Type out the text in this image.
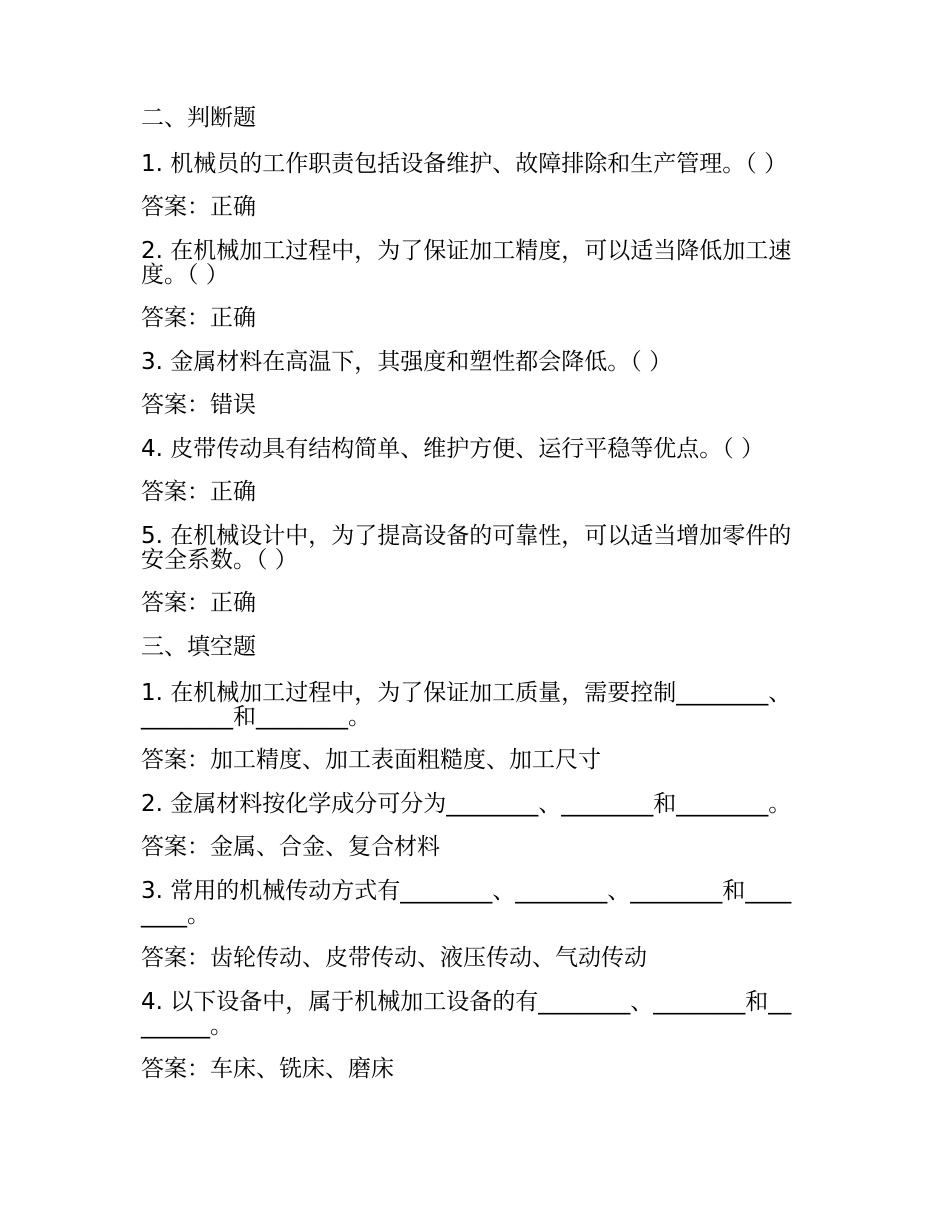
二、判断题

1. 机械员的工作职责包括设备维护、故障排除和生产管理。（ ）

答案：正确

2. 在机械加工过程中，为了保证加工精度，可以适当降低加工速度。（ ）

答案：正确

3. 金属材料在高温下，其强度和塑性都会降低。（ ）

答案：错误

4. 皮带传动具有结构简单、维护方便、运行平稳等优点。（ ）

答案：正确

5. 在机械设计中，为了提高设备的可靠性，可以适当增加零件的安全系数。（ ）

答案：正确

三、填空题

1. 在机械加工过程中，为了保证加工质量，需要控制________、________和________。

答案：加工精度、加工表面粗糙度、加工尺寸

2. 金属材料按化学成分可分为________、________和________。

答案：金属、合金、复合材料

3. 常用的机械传动方式有________、________、________和________。

答案：齿轮传动、皮带传动、液压传动、气动传动

4. 以下设备中，属于机械加工设备的有________、________和________。

答案：车床、铣床、磨床
